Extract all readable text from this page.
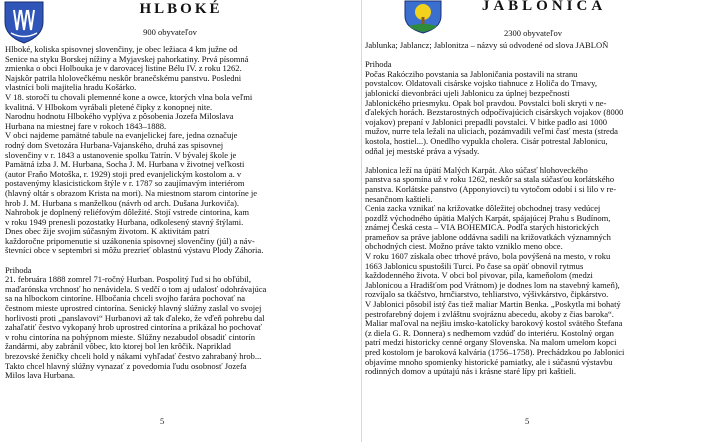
HLBOKÉ
900 obyvateľov

Hlboké, koliska spisovnej slovenčiny, je obec ležiaca 4 km južne od

Senice na styku Borskej nížiny a Myjavskej pahorkatiny. Prvá písomná

zmienka o obci Holbouka je v darovacej listine Bélu IV. z roku 1262.

Najskôr patrila hlolovečkému neskôr branečskému panstvu. Posledni

vlastníci boli majitelia hradu Košárko.

V 18. storočí tu chovali plemenné kone a owce, ktorých vlna bola veľmi

kvalitná. V Hlbokom vyrábali pletené čipky z konopnej nite.

Narodnu hodnotu Hlbokého vyplýva z pôsobenia Jozefa Miloslava

Hurbana na miestnej fare v rokoch 1843–1888.

V obci najdeme pamätné tabule na evanjelickej fare, jedna označuje

rodný dom Svetozára Hurbana-Vajanského, druhá zas spisovnej

slovenčiny v r. 1843 a ustanovenie spolku Tatrín. V bývalej škole je

Pamätná izba J. M. Hurbana, Socha J. M. Hurbana v životnej veľkosti

(autor Fraňo Motoška, r. 1929) stoji pred evanjelickým kostolom a. v

postavenýmy klasicistickom štýle v r. 1787 so zaujímavým interiérom

(hlavný oltár s obrazom Krista na mori). Na miestnom starom cintoríne je

hrob J. M. Hurbana s manželkou (návrh od arch. Dušana Jurkoviča).

Nahrobok je doplnený reliéfovým dôležité. Stojí vstrede cintorina, kam

v roku 1949 prenesli pozostatky Hurbana, odkolesený stavný štýlami.

Dnes obec žije svojim súčasným životom. K aktivitám patrí

každoročne pripomenutie si uzákonenia spisovnej slovenčiny (júl) a náv-

števníci obce v septembri si môžu prezrieť oblastnú výstavu Plody Záhoria.

Prihoda

21. februára 1888 zomrel 71-ročný Hurban. Pospolitý ľud si ho obľúbil,

maďarónska vrchnosť ho nenávidela. S vedčí o tom aj udalosť odohrávajúca

sa na hlbockom cintoríne. Hlbočania chceli svojho farára pochovať na

čestnom mieste uprostred cintorína. Senický hlavný slúžny zaslal vo svojej

horlivosti proti „panslavovi“ Hurbanovi až tak ďaleko, že vďeň pohrebu dal

zahaľatiť čestvo vykopaný hrob uprostred cintorína a prikázal ho pochovať

v rohu cintorína na pohýpnom mieste. Slúžny nezabudol obsadiť cintorín

žandármi, aby zabránil vôbec, kto ktorej bol len krôčik. Napriklad

brezovské ženičky chceli hold y nákami vyhľadať čestvo zahrabaný hrob...

Takto chcel hlavný slúžny vynazať z povedomia ľudu osobnosť Jozefa

Milos lava Hurbana.

5
JABLONICA
2300 obyvateľov

Jablunka; Jablancz; Jablonitza – názvy sú odvodené od slova JABLOŇ

Prihoda

Počas Rakócziho povstania sa Jabloničania postavili na stranu

povstalcov. Oldatovali cisárske vojsko tiahnuce z Holiča do Trnavy,

jablonickí dievonbráci ujeli Jablonicu za úplnej bezpečnosti

Jablonického priesmyku. Opak bol pravdou. Povstalci boli skryti v ne-

ďalekých horách. Bezstarostných odpočívajúcich cisárskych vojakov (8000

vojakov) prepaní v Jablonici prepadli povstalci. V bitke padlo asi 1000

mužov, nurre tela ležali na uliciach, pozámvadili veľmi časť mesta (streda

kostola, hostiel...). Onedlho vypukla cholera. Cisár potrestal Jablonicu,

odňal jej mestské práva a výsady.

Jablonica leží na úpätí Malých Karpát. Ako súčasť hlohoveckého

panstva sa spomína už v roku 1262, neskôr sa stala súčasťou korlátského

panstva. Korlátske panstvo (Apponyiovci) tu vytočom odobí i si lilo v re-

nesančnom kaštieli.

Cenia zacka vznikať na križovatke dôležitej obchodnej trasy vedúcej

pozdĺž východného úpätia Malých Karpát, spájajúcej Prahu s Budínom,

známej Česká cesta – VIA BOHEMICA. Podľa starých historických

prameňov sa práve jablone oddávna sadili na križovatkách významných

obchodných ciest. Možno práve takto vzniklo meno obce.

V roku 1607 získala obec trhové právo, bola povýšená na mesto, v roku

1663 Jablonicu spustošili Turci. Po čase sa opäť obnovil rytmus

každodenného života. V obci bol pivovar, pila, kameňolom (medzi

Jablonicou a Hradišťom pod Vrátnom) je dodnes lom na stavebný kameň),

rozvíjalo sa tkáčstvo, hrnčiarstvo, tehliarstvo, výšivkárstvo, čipkárstvo.

V Jablonici pôsobil istý čas tiež maliar Martin Benka. „Poskytla mi bohatý

pestrofarebný dojem i zvláštnu svojráznu abecedu, akoby z čias baroka“.

Maliar maľoval na nejšiu imsko-katolícky barokový kostol svätého Štefana

(z diela G. R. Donnera) s nedhemom vzdúď do interiéru. Kostolný organ

patrí medzi historicky cenné organy Slovenska. Na malom umelom kopci

pred kostolom je baroková kalvária (1756–1758). Prechádzkou po Jablonici

objavíme mnoho spomienky historické pamiatky, ale i súčasnú výstavbu

rodinných domov a upútajú nás i krásne staré lípy pri kaštieli.

5
